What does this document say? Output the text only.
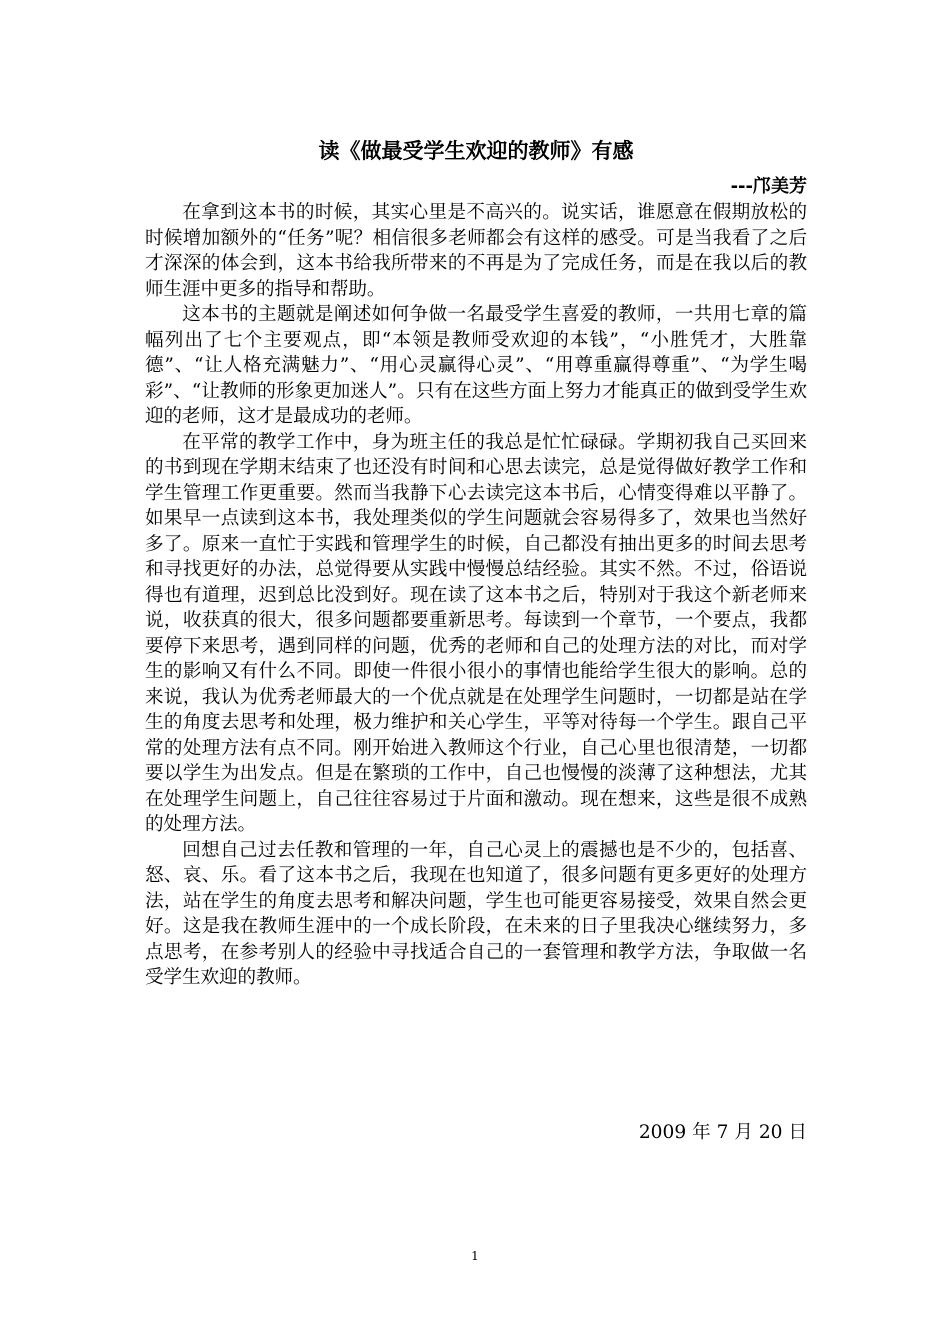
读《做最受学生欢迎的教师》有感

---邝美芳

在拿到这本书的时候，其实心里是不高兴的。说实话，谁愿意在假期放松的时候增加额外的“任务”呢？相信很多老师都会有这样的感受。可是当我看了之后才深深的体会到，这本书给我所带来的不再是为了完成任务，而是在我以后的教师生涯中更多的指导和帮助。

这本书的主题就是阐述如何争做一名最受学生喜爱的教师，一共用七章的篇幅列出了七个主要观点，即“本领是教师受欢迎的本钱”，“小胜凭才，大胜靠德”、“让人格充满魅力”、“用心灵赢得心灵”、“用尊重赢得尊重”、“为学生喝彩”、“让教师的形象更加迷人”。只有在这些方面上努力才能真正的做到受学生欢迎的老师，这才是最成功的老师。

在平常的教学工作中，身为班主任的我总是忙忙碌碌。学期初我自己买回来的书到现在学期末结束了也还没有时间和心思去读完，总是觉得做好教学工作和学生管理工作更重要。然而当我静下心去读完这本书后，心情变得难以平静了。如果早一点读到这本书，我处理类似的学生问题就会容易得多了，效果也当然好多了。原来一直忙于实践和管理学生的时候，自己都没有抽出更多的时间去思考和寻找更好的办法，总觉得要从实践中慢慢总结经验。其实不然。不过，俗语说得也有道理，迟到总比没到好。现在读了这本书之后，特别对于我这个新老师来说，收获真的很大，很多问题都要重新思考。每读到一个章节，一个要点，我都要停下来思考，遇到同样的问题，优秀的老师和自己的处理方法的对比，而对学生的影响又有什么不同。即使一件很小很小的事情也能给学生很大的影响。总的来说，我认为优秀老师最大的一个优点就是在处理学生问题时，一切都是站在学生的角度去思考和处理，极力维护和关心学生，平等对待每一个学生。跟自己平常的处理方法有点不同。刚开始进入教师这个行业，自己心里也很清楚，一切都要以学生为出发点。但是在繁琐的工作中，自己也慢慢的淡薄了这种想法，尤其在处理学生问题上，自己往往容易过于片面和激动。现在想来，这些是很不成熟的处理方法。

回想自己过去任教和管理的一年，自己心灵上的震撼也是不少的，包括喜、怒、哀、乐。看了这本书之后，我现在也知道了，很多问题有更多更好的处理方法，站在学生的角度去思考和解决问题，学生也可能更容易接受，效果自然会更好。这是我在教师生涯中的一个成长阶段，在未来的日子里我决心继续努力，多点思考，在参考别人的经验中寻找适合自己的一套管理和教学方法，争取做一名受学生欢迎的教师。

2009 年 7 月 20 日

1
